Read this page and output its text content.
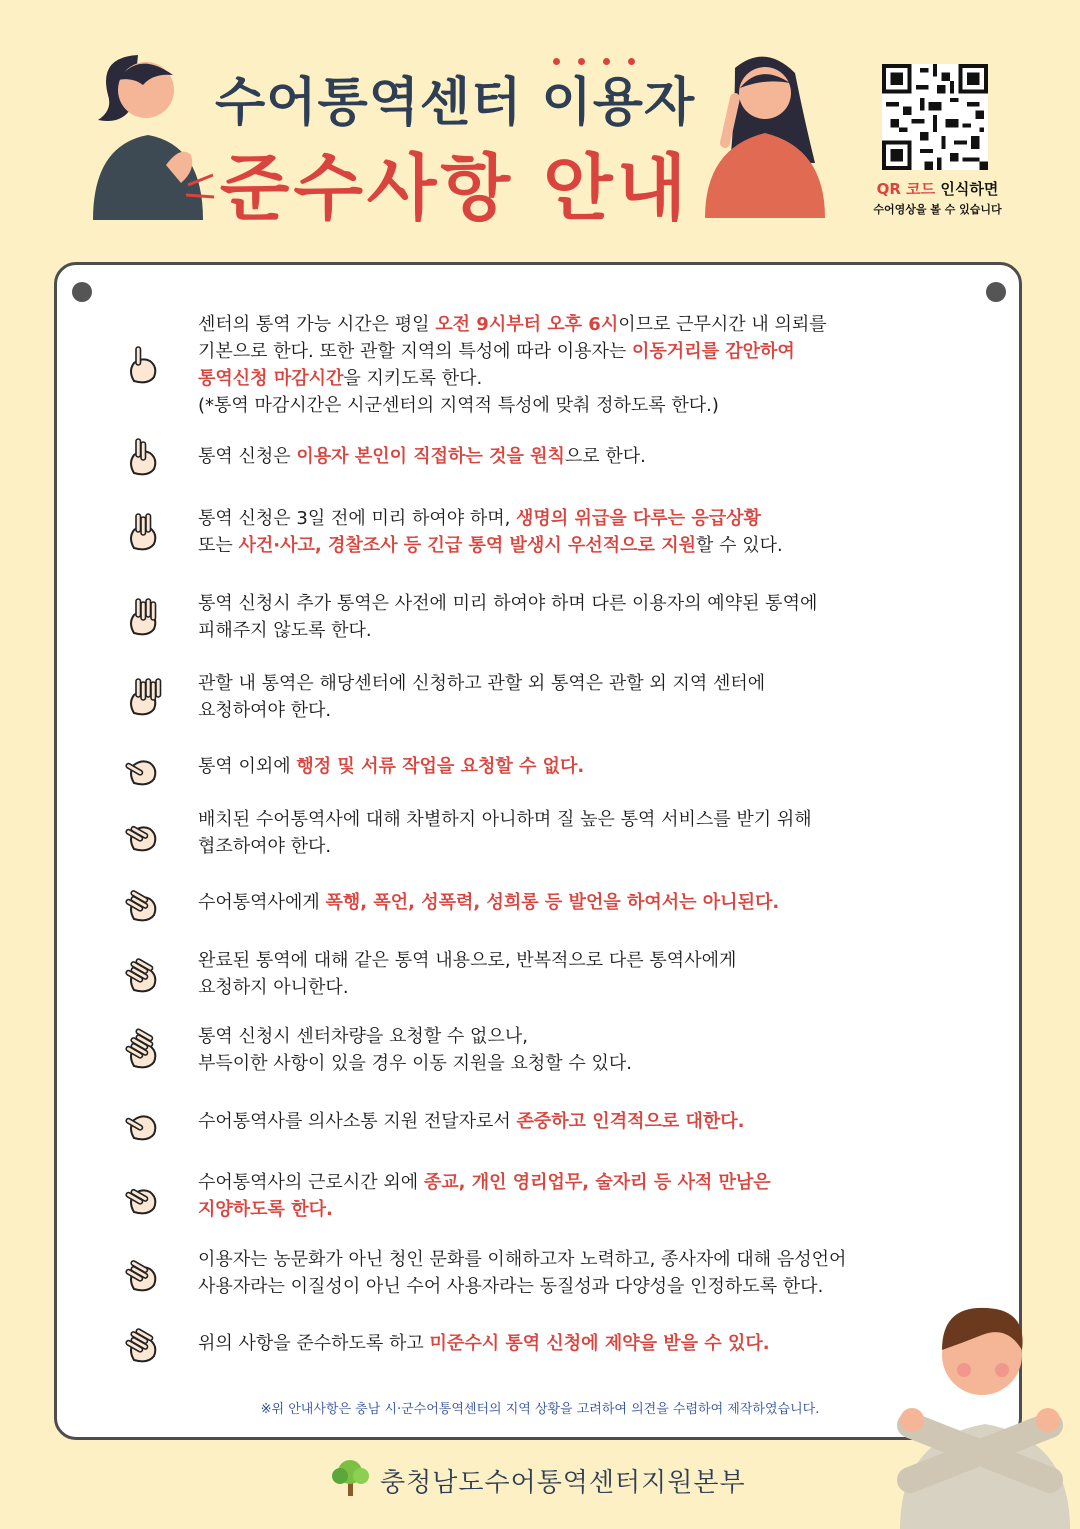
수어통역센터 이용자
준수사항 안내	QR 코드 인식하면
수어영상을 볼 수 있습니다

센터의 통역 가능 시간은 평일 오전 9시부터 오후 6시이므로 근무시간 내 의뢰를

기본으로 한다. 또한 관할 지역의 특성에 따라 이용자는 이동거리를 감안하여

통역신청 마감시간을 지키도록 한다.

(*통역 마감시간은 시군센터의 지역적 특성에 맞춰 정하도록 한다.)

통역 신청은 이용자 본인이 직접하는 것을 원칙으로 한다.

통역 신청은 3일 전에 미리 하여야 하며, 생명의 위급을 다루는 응급상황

또는 사건·사고, 경찰조사 등 긴급 통역 발생시 우선적으로 지원할 수 있다.

통역 신청시 추가 통역은 사전에 미리 하여야 하며 다른 이용자의 예약된 통역에

피해주지 않도록 한다.

관할 내 통역은 해당센터에 신청하고 관할 외 통역은 관할 외 지역 센터에

요청하여야 한다.

통역 이외에 행정 및 서류 작업을 요청할 수 없다.

배치된 수어통역사에 대해 차별하지 아니하며 질 높은 통역 서비스를 받기 위해

협조하여야 한다.

수어통역사에게 폭행, 폭언, 성폭력, 성희롱 등 발언을 하여서는 아니된다.

완료된 통역에 대해 같은 통역 내용으로, 반복적으로 다른 통역사에게

요청하지 아니한다.

통역 신청시 센터차량을 요청할 수 없으나,

부득이한 사항이 있을 경우 이동 지원을 요청할 수 있다.

수어통역사를 의사소통 지원 전달자로서 존중하고 인격적으로 대한다.

수어통역사의 근로시간 외에 종교, 개인 영리업무, 술자리 등 사적 만남은

지양하도록 한다.

이용자는 농문화가 아닌 청인 문화를 이해하고자 노력하고, 종사자에 대해 음성언어

사용자라는 이질성이 아닌 수어 사용자라는 동질성과 다양성을 인정하도록 한다.

위의 사항을 준수하도록 하고 미준수시 통역 신청에 제약을 받을 수 있다.

※위 안내사항은 충남 시·군수어통역센터의 지역 상황을 고려하여 의견을 수렴하여 제작하였습니다.
충청남도수어통역센터지원본부
